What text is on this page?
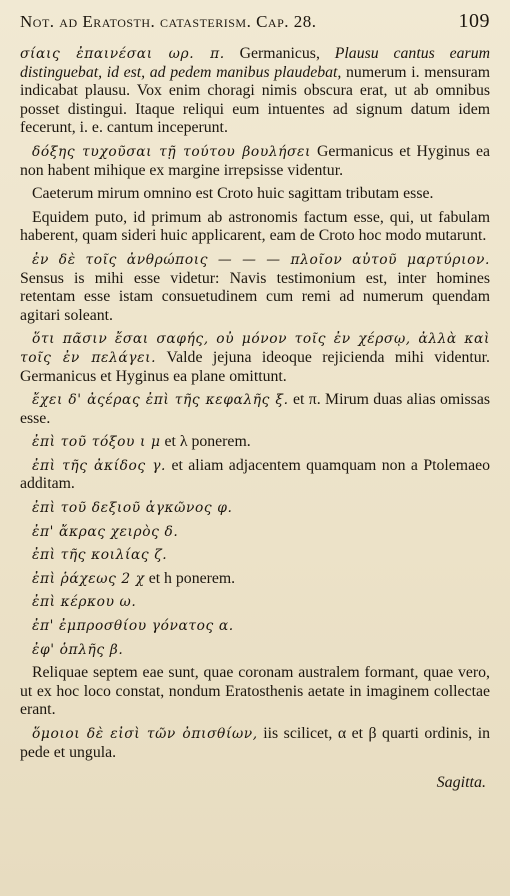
Not. ad Eratosth. catasterism. Cap. 28.	109

σίαις ἐπαινέσαι ωρ. π. Germanicus, Plausu cantus earum distinguebat, id est, ad pedem manibus plaudebat, numerum i. mensuram indicabat plausu. Vox enim choragi nimis obscura erat, ut ab omnibus posset distingui. Itaque reliqui eum intuentes ad signum datum idem fecerunt, i. e. cantum inceperunt.

δόξης τυχοῦσαι τῇ τούτου βουλήσει Germanicus et Hyginus ea non habent mihique ex margine irrepsisse videntur.

Caeterum mirum omnino est Croto huic sagittam tributam esse.

Equidem puto, id primum ab astronomis factum esse, qui, ut fabulam haberent, quam sideri huic applicarent, eam de Croto hoc modo mutarunt.

ἐν δὲ τοῖς ἀνθρώποις — — — πλοῖον αὐτοῦ μαρτύριον. Sensus is mihi esse videtur: Navis testimonium est, inter homines retentam esse istam consuetudinem cum remi ad numerum quendam agitari soleant.

ὅτι πᾶσιν ἔσαι σαφής, οὐ μόνον τοῖς ἐν χέρσῳ, ἀλλὰ καὶ τοῖς ἐν πελάγει. Valde jejuna ideoque rejicienda mihi videntur. Germanicus et Hyginus ea plane omittunt.

ἔχει δ' ἀςέρας ἐπὶ τῆς κεφαλῆς ξ. et π. Mirum duas alias omissas esse.

ἐπὶ τοῦ τόξου ι μ et λ ponerem.

ἐπὶ τῆς ἀκίδος γ. et aliam adjacentem quamquam non a Ptolemaeo additam.

ἐπὶ τοῦ δεξιοῦ ἀγκῶνος φ.

ἐπ' ἄκρας χειρὸς δ.

ἐπὶ τῆς κοιλίας ζ.

ἐπὶ ῥάχεως 2 χ et h ponerem.

ἐπὶ κέρκου ω.

ἐπ' ἐμπροσθίου γόνατος α.

ἐφ' ὁπλῆς β.

Reliquae septem eae sunt, quae coronam australem formant, quae vero, ut ex hoc loco constat, nondum Eratosthenis aetate in imaginem collectae erant.

ὅμοιοι δὲ εἰσὶ τῶν ὀπισθίων, iis scilicet, α et β quarti ordinis, in pede et ungula.

Sagitta.
